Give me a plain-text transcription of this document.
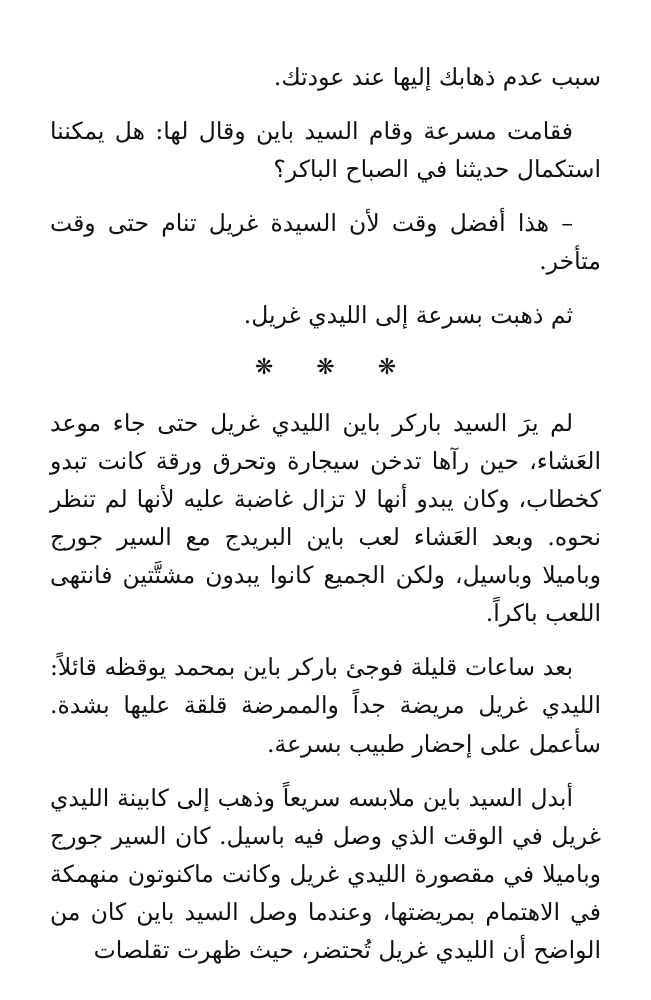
سبب عدم ذهابك إليها عند عودتك.

فقامت مسرعة وقام السيد باين وقال لها: هل يمكننا استكمال حديثنا في الصباح الباكر؟

– هذا أفضل وقت لأن السيدة غريل تنام حتى وقت متأخر.

ثم ذهبت بسرعة إلى الليدي غريل.

❋ ❋ ❋

لم يرَ السيد باركر باين الليدي غريل حتى جاء موعد العَشاء، حين رآها تدخن سيجارة وتحرق ورقة كانت تبدو كخطاب، وكان يبدو أنها لا تزال غاضبة عليه لأنها لم تنظر نحوه. وبعد العَشاء لعب باين البريدج مع السير جورج وباميلا وباسيل، ولكن الجميع كانوا يبدون مشتَّتين فانتهى اللعب باكراً.

بعد ساعات قليلة فوجئ باركر باين بمحمد يوقظه قائلاً: الليدي غريل مريضة جداً والممرضة قلقة عليها بشدة. سأعمل على إحضار طبيب بسرعة.

أبدل السيد باين ملابسه سريعاً وذهب إلى كابينة الليدي غريل في الوقت الذي وصل فيه باسيل. كان السير جورج وباميلا في مقصورة الليدي غريل وكانت ماكنوتون منهمكة في الاهتمام بمريضتها، وعندما وصل السيد باين كان من الواضح أن الليدي غريل تُحتضر، حيث ظهرت تقلصات
